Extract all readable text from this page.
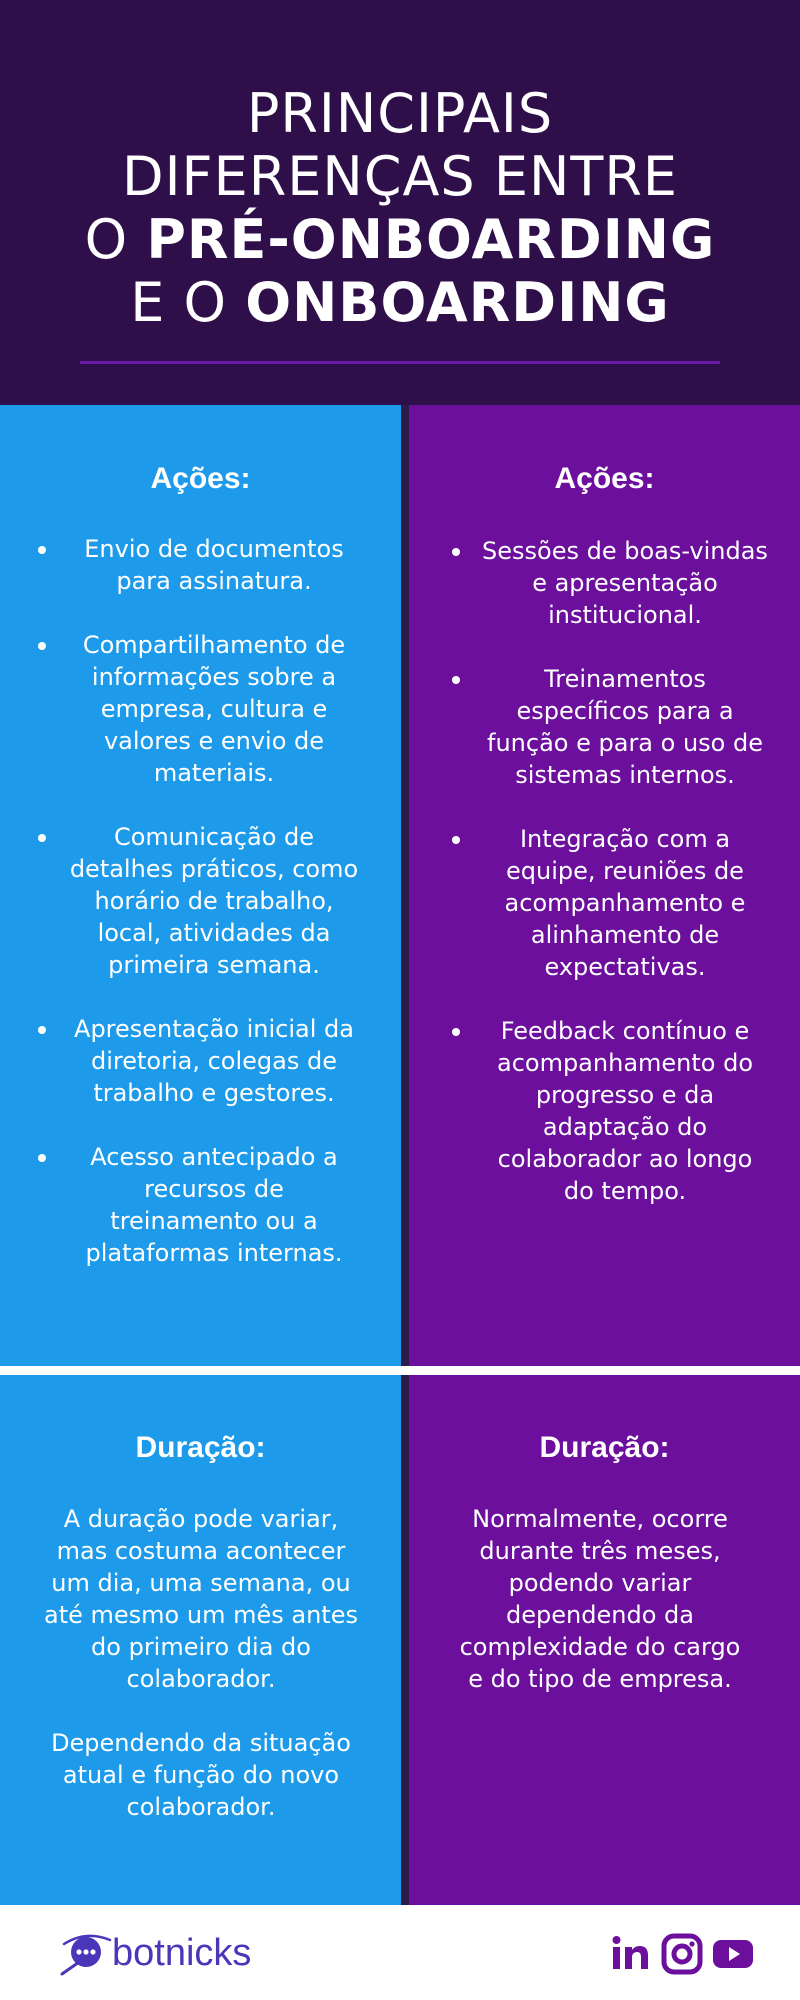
PRINCIPAIS
DIFERENÇAS ENTRE
O PRÉ-ONBOARDING
E O ONBOARDING
Ações:
Envio de documentos para assinatura.
Compartilhamento de informações sobre a empresa, cultura e valores e envio de materiais.
Comunicação de detalhes práticos, como horário de trabalho, local, atividades da primeira semana.
Apresentação inicial da diretoria, colegas de trabalho e gestores.
Acesso antecipado a recursos de treinamento ou a plataformas internas.
Ações:
Sessões de boas-vindas e apresentação institucional.
Treinamentos específicos para a função e para o uso de sistemas internos.
Integração com a equipe, reuniões de acompanhamento e alinhamento de expectativas.
Feedback contínuo e acompanhamento do progresso e da adaptação do colaborador ao longo do tempo.
Duração:
A duração pode variar, mas costuma acontecer um dia, uma semana, ou até mesmo um mês antes do primeiro dia do colaborador.
Dependendo da situação atual e função do novo colaborador.
Duração:
Normalmente, ocorre durante três meses, podendo variar dependendo da complexidade do cargo e do tipo de empresa.
botnicks
